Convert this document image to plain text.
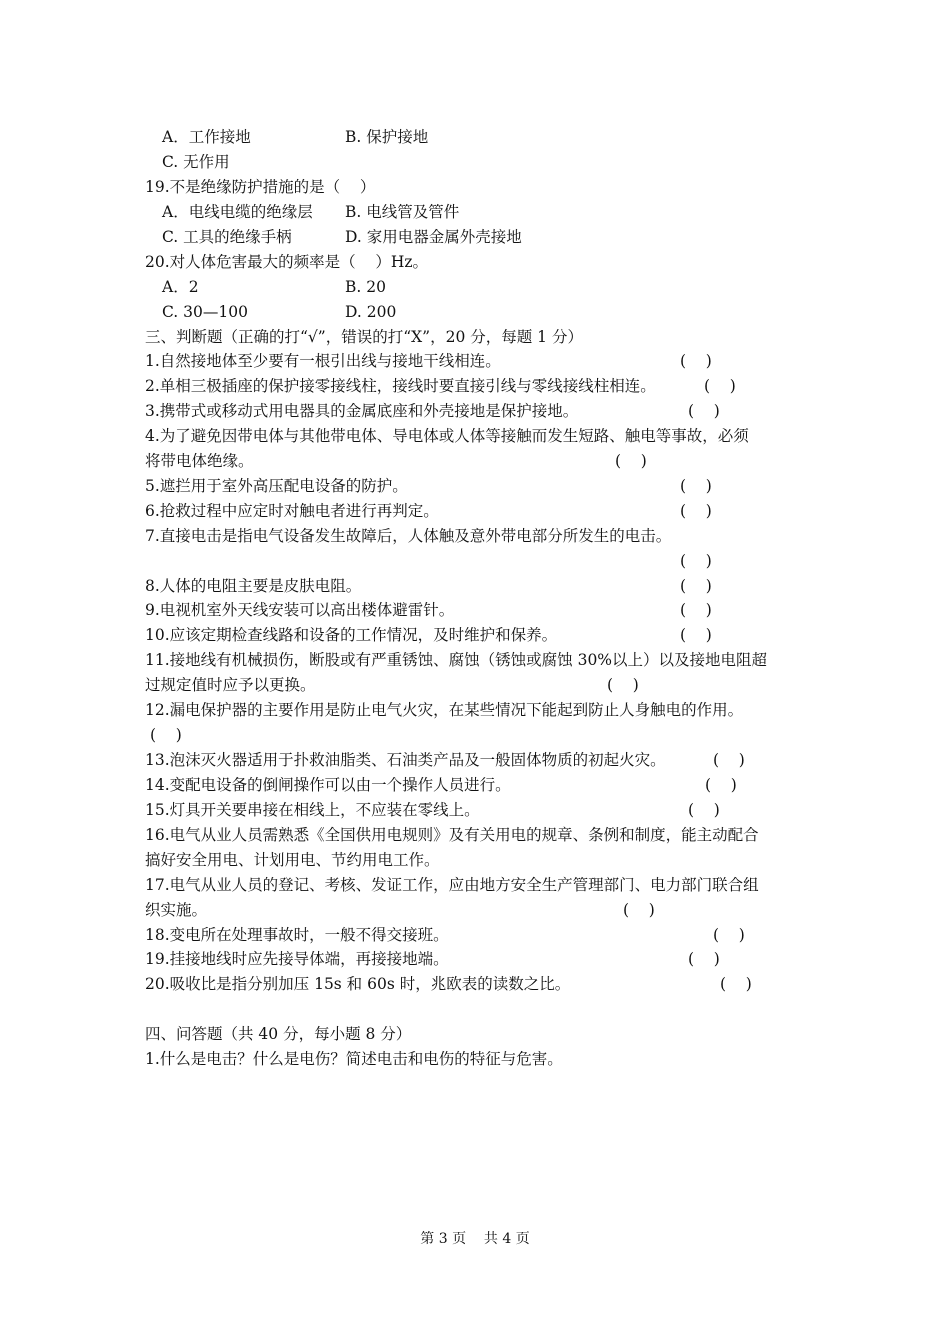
A．工作接地	B. 保护接地
C. 无作用
19.不是绝缘防护措施的是（    ）
A．电线电缆的绝缘层 B. 电线管及管件
C. 工具的绝缘手柄	D. 家用电器金属外壳接地
20.对人体危害最大的频率是（    ）Hz。
A．2	B. 20
C. 30—100	D. 200
三、判断题（正确的打“√”，错误的打“X”，20 分，每题 1 分）
1.自然接地体至少要有一根引出线与接地干线相连。	(    )
2.单相三极插座的保护接零接线柱，接线时要直接引线与零线接线柱相连。	(    )
3.携带式或移动式用电器具的金属底座和外壳接地是保护接地。	(    )
4.为了避免因带电体与其他带电体、导电体或人体等接触而发生短路、触电等事故，必须
将带电体绝缘。	(    )
5.遮拦用于室外高压配电设备的防护。	(    )
6.抢救过程中应定时对触电者进行再判定。	(    )
7.直接电击是指电气设备发生故障后，人体触及意外带电部分所发生的电击。
(    )
8.人体的电阻主要是皮肤电阻。	(    )
9.电视机室外天线安装可以高出楼体避雷针。	(    )
10.应该定期检查线路和设备的工作情况，及时维护和保养。	(    )
11.接地线有机械损伤，断股或有严重锈蚀、腐蚀（锈蚀或腐蚀 30%以上）以及接地电阻超
过规定值时应予以更换。	(    )
12.漏电保护器的主要作用是防止电气火灾，在某些情况下能起到防止人身触电的作用。
(    )
13.泡沫灭火器适用于扑救油脂类、石油类产品及一般固体物质的初起火灾。	(    )
14.变配电设备的倒闸操作可以由一个操作人员进行。	(    )
15.灯具开关要串接在相线上，不应装在零线上。	(    )
16.电气从业人员需熟悉《全国供用电规则》及有关用电的规章、条例和制度，能主动配合
搞好安全用电、计划用电、节约用电工作。
17.电气从业人员的登记、考核、发证工作，应由地方安全生产管理部门、电力部门联合组
织实施。	(    )
18.变电所在处理事故时，一般不得交接班。	(    )
19.挂接地线时应先接导体端，再接接地端。	(    )
20.吸收比是指分别加压 15s 和 60s 时，兆欧表的读数之比。	(    )
四、问答题（共 40 分，每小题 8 分）
1.什么是电击？什么是电伤？简述电击和电伤的特征与危害。
第 3 页    共 4 页
